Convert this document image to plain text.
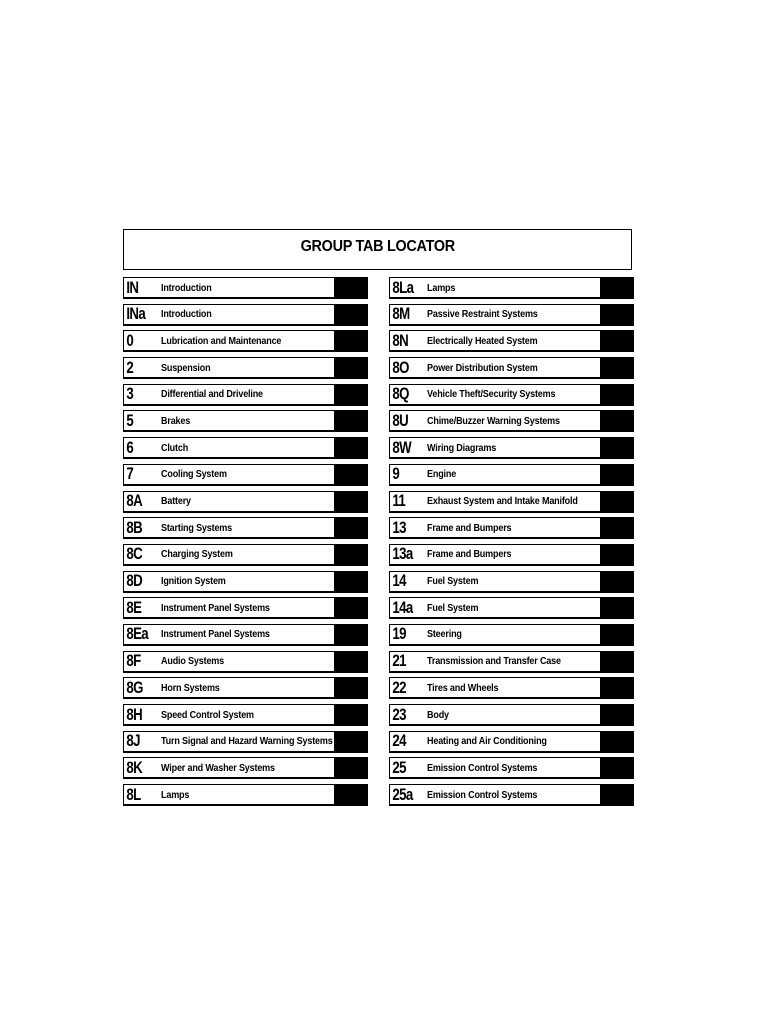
GROUP TAB LOCATOR
IN	Introduction
INa	Introduction
0	Lubrication and Maintenance
2	Suspension
3	Differential and Driveline
5	Brakes
6	Clutch
7	Cooling System
8A	Battery
8B	Starting Systems
8C	Charging System
8D	Ignition System
8E	Instrument Panel Systems
8Ea	Instrument Panel Systems
8F	Audio Systems
8G	Horn Systems
8H	Speed Control System
8J	Turn Signal and Hazard Warning Systems
8K	Wiper and Washer Systems
8L	Lamps
8La	Lamps
8M	Passive Restraint Systems
8N	Electrically Heated System
8O	Power Distribution System
8Q	Vehicle Theft/Security Systems
8U	Chime/Buzzer Warning Systems
8W	Wiring Diagrams
9	Engine
11	Exhaust System and Intake Manifold
13	Frame and Bumpers
13a	Frame and Bumpers
14	Fuel System
14a	Fuel System
19	Steering
21	Transmission and Transfer Case
22	Tires and Wheels
23	Body
24	Heating and Air Conditioning
25	Emission Control Systems
25a	Emission Control Systems
